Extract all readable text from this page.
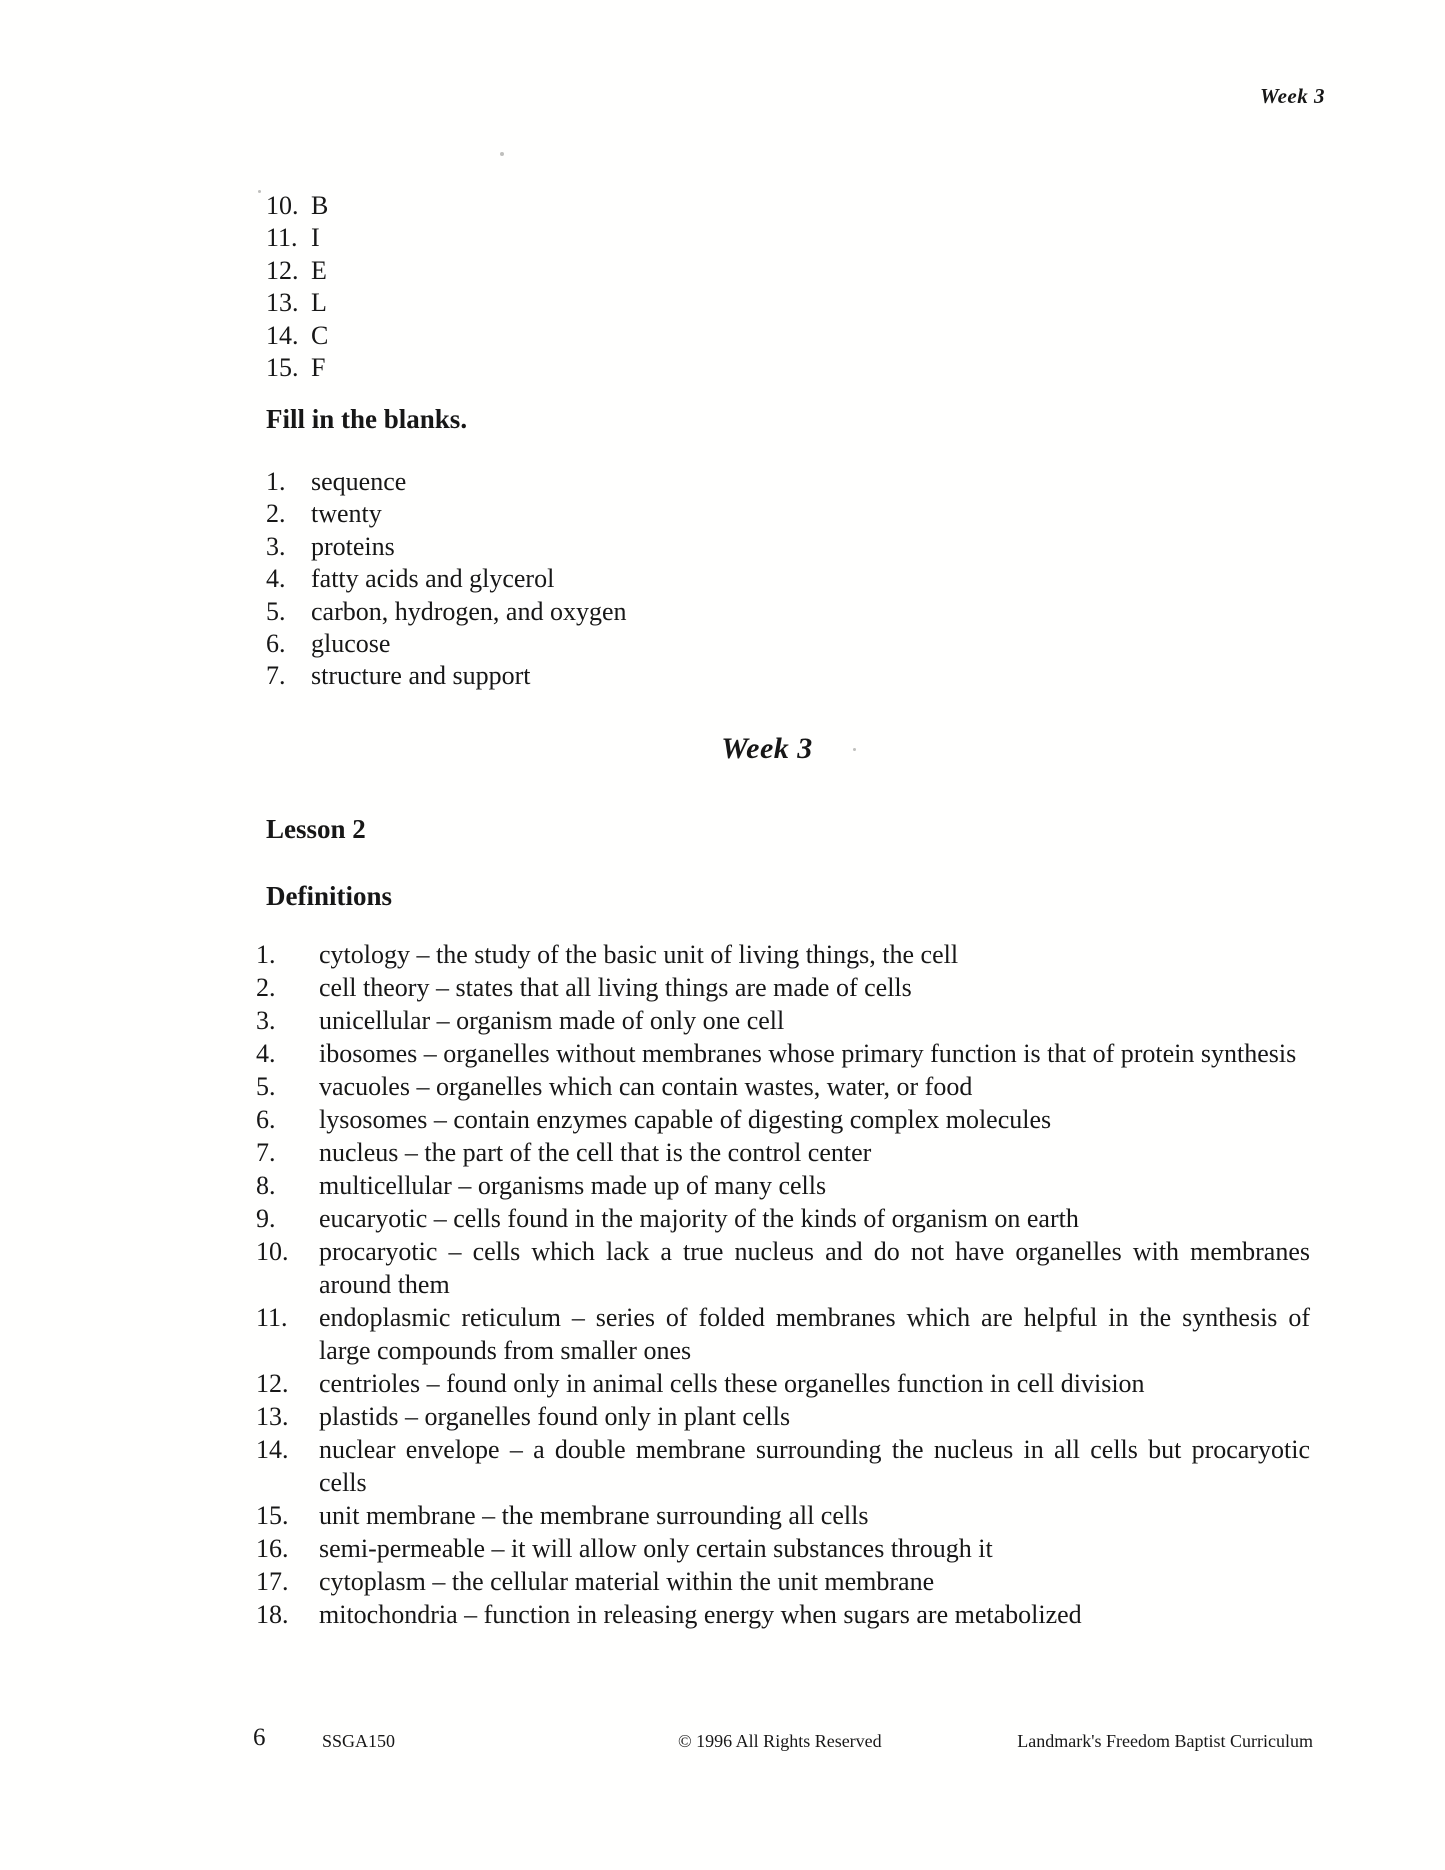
Week 3
10. B
11. I
12. E
13. L
14. C
15. F
Fill in the blanks.
1. sequence
2. twenty
3. proteins
4. fatty acids and glycerol
5. carbon, hydrogen, and oxygen
6. glucose
7. structure and support
Week 3
Lesson 2
Definitions
1.	cytology – the study of the basic unit of living things, the cell
2.	cell theory – states that all living things are made of cells
3.	unicellular – organism made of only one cell
4.	ibosomes – organelles without membranes whose primary function is that of protein synthesis
5.	vacuoles – organelles which can contain wastes, water, or food
6.	lysosomes – contain enzymes capable of digesting complex molecules
7.	nucleus – the part of the cell that is the control center
8.	multicellular – organisms made up of many cells
9.	eucaryotic – cells found in the majority of the kinds of organism on earth
10.	procaryotic – cells which lack a true nucleus and do not have organelles with membranes around them
11.	endoplasmic reticulum – series of folded membranes which are helpful in the synthesis of large compounds from smaller ones
12.	centrioles – found only in animal cells these organelles function in cell division
13.	plastids – organelles found only in plant cells
14.	nuclear envelope – a double membrane surrounding the nucleus in all cells but procaryotic cells
15.	unit membrane – the membrane surrounding all cells
16.	semi-permeable – it will allow only certain substances through it
17.	cytoplasm – the cellular material within the unit membrane
18.	mitochondria – function in releasing energy when sugars are metabolized
6	SSGA150	© 1996 All Rights Reserved	Landmark's Freedom Baptist Curriculum
